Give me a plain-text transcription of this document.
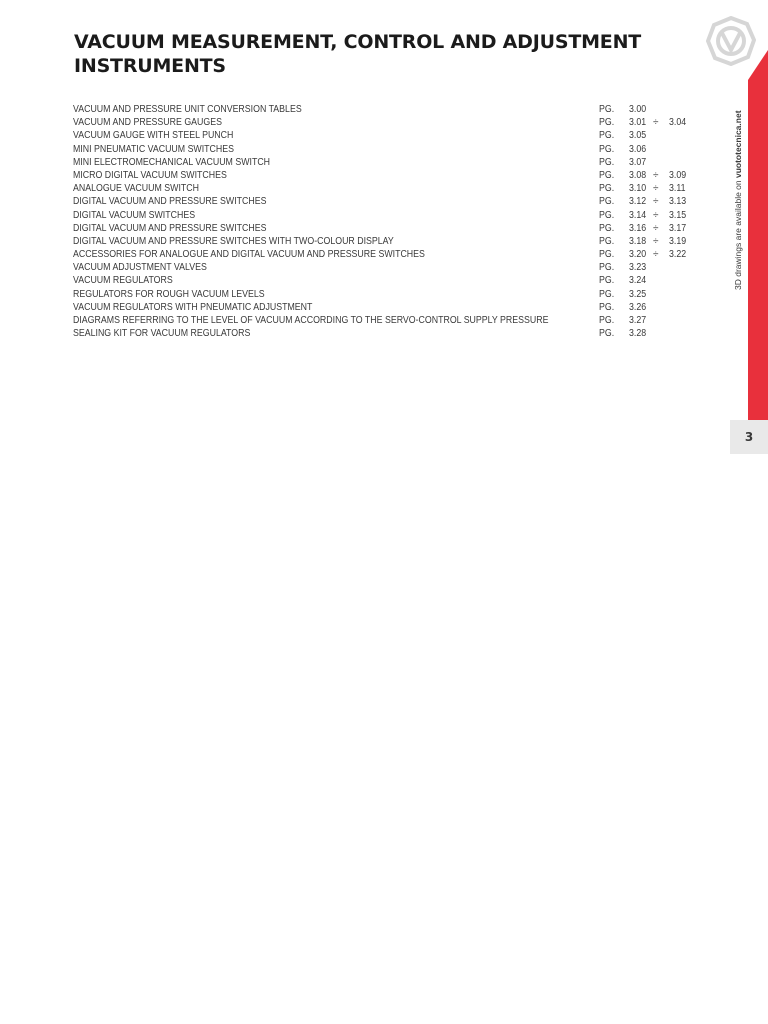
VACUUM MEASUREMENT, CONTROL AND ADJUSTMENT INSTRUMENTS
VACUUM AND PRESSURE UNIT CONVERSION TABLES	PG. 3.00
VACUUM AND PRESSURE GAUGES	PG. 3.01 ÷ 3.04
VACUUM GAUGE WITH STEEL PUNCH	PG. 3.05
MINI PNEUMATIC VACUUM SWITCHES	PG. 3.06
MINI ELECTROMECHANICAL VACUUM SWITCH	PG. 3.07
MICRO DIGITAL VACUUM SWITCHES	PG. 3.08 ÷ 3.09
ANALOGUE VACUUM SWITCH	PG. 3.10 ÷ 3.11
DIGITAL VACUUM AND PRESSURE SWITCHES	PG. 3.12 ÷ 3.13
DIGITAL VACUUM SWITCHES	PG. 3.14 ÷ 3.15
DIGITAL VACUUM AND PRESSURE SWITCHES	PG. 3.16 ÷ 3.17
DIGITAL VACUUM AND PRESSURE SWITCHES WITH TWO-COLOUR DISPLAY	PG. 3.18 ÷ 3.19
ACCESSORIES FOR ANALOGUE AND DIGITAL VACUUM AND PRESSURE SWITCHES	PG. 3.20 ÷ 3.22
VACUUM ADJUSTMENT VALVES	PG. 3.23
VACUUM REGULATORS	PG. 3.24
REGULATORS FOR ROUGH VACUUM LEVELS	PG. 3.25
VACUUM REGULATORS WITH PNEUMATIC ADJUSTMENT	PG. 3.26
DIAGRAMS REFERRING TO THE LEVEL OF VACUUM ACCORDING TO THE SERVO-CONTROL SUPPLY PRESSURE	PG. 3.27
SEALING KIT FOR VACUUM REGULATORS	PG. 3.28
3D drawings are available on vuototecnica.net
3
